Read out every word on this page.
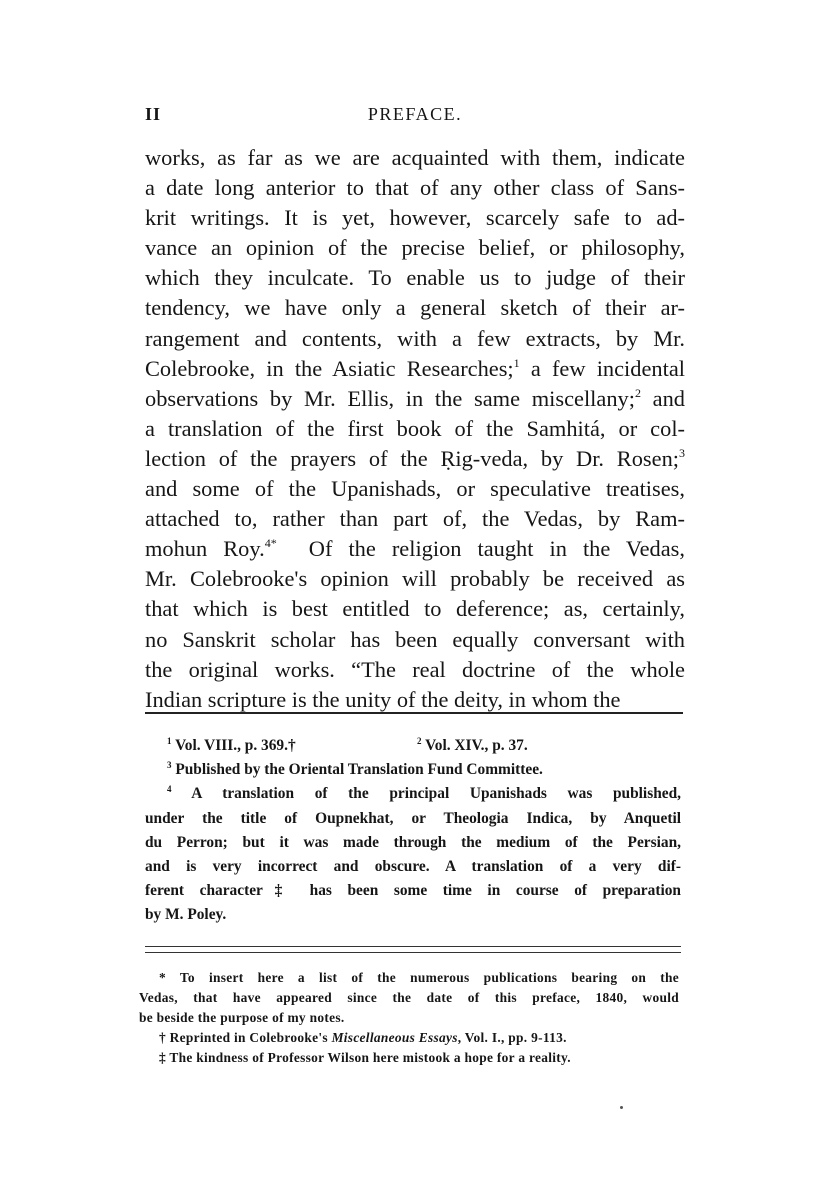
II	PREFACE.
works, as far as we are acquainted with them, indicate
a date long anterior to that of any other class of Sans-
krit writings. It is yet, however, scarcely safe to ad-
vance an opinion of the precise belief, or philosophy,
which they inculcate. To enable us to judge of their
tendency, we have only a general sketch of their ar-
rangement and contents, with a few extracts, by Mr.
Colebrooke, in the Asiatic Researches;$^1$ a few incidental
observations by Mr. Ellis, in the same miscellany;$^2$ and
a translation of the first book of the Samhitá, or col-
lection of the prayers of the Ṛig-veda, by Dr. Rosen;$^3$
and some of the Upanishads, or speculative treatises,
attached to, rather than part of, the Vedas, by Ram-
mohun Roy.$^{4*}$ Of the religion taught in the Vedas,
Mr. Colebrooke's opinion will probably be received as
that which is best entitled to deference; as, certainly,
no Sanskrit scholar has been equally conversant with
the original works. “The real doctrine of the whole
Indian scripture is the unity of the deity, in whom the
$^1$ Vol. VIII., p. 369.†	$^2$ Vol. XIV., p. 37.
$^3$ Published by the Oriental Translation Fund Committee.
$^4$ A translation of the principal Upanishads was published,
under the title of Oupnekhat, or Theologia Indica, by Anquetil
du Perron; but it was made through the medium of the Persian,
and is very incorrect and obscure. A translation of a very dif-
ferent character‡ has been some time in course of preparation
by M. Poley.
* To insert here a list of the numerous publications bearing on the
Vedas, that have appeared since the date of this preface, 1840, would
be beside the purpose of my notes.
† Reprinted in Colebrooke's Miscellaneous Essays, Vol. I., pp. 9-113.
‡ The kindness of Professor Wilson here mistook a hope for a reality.
